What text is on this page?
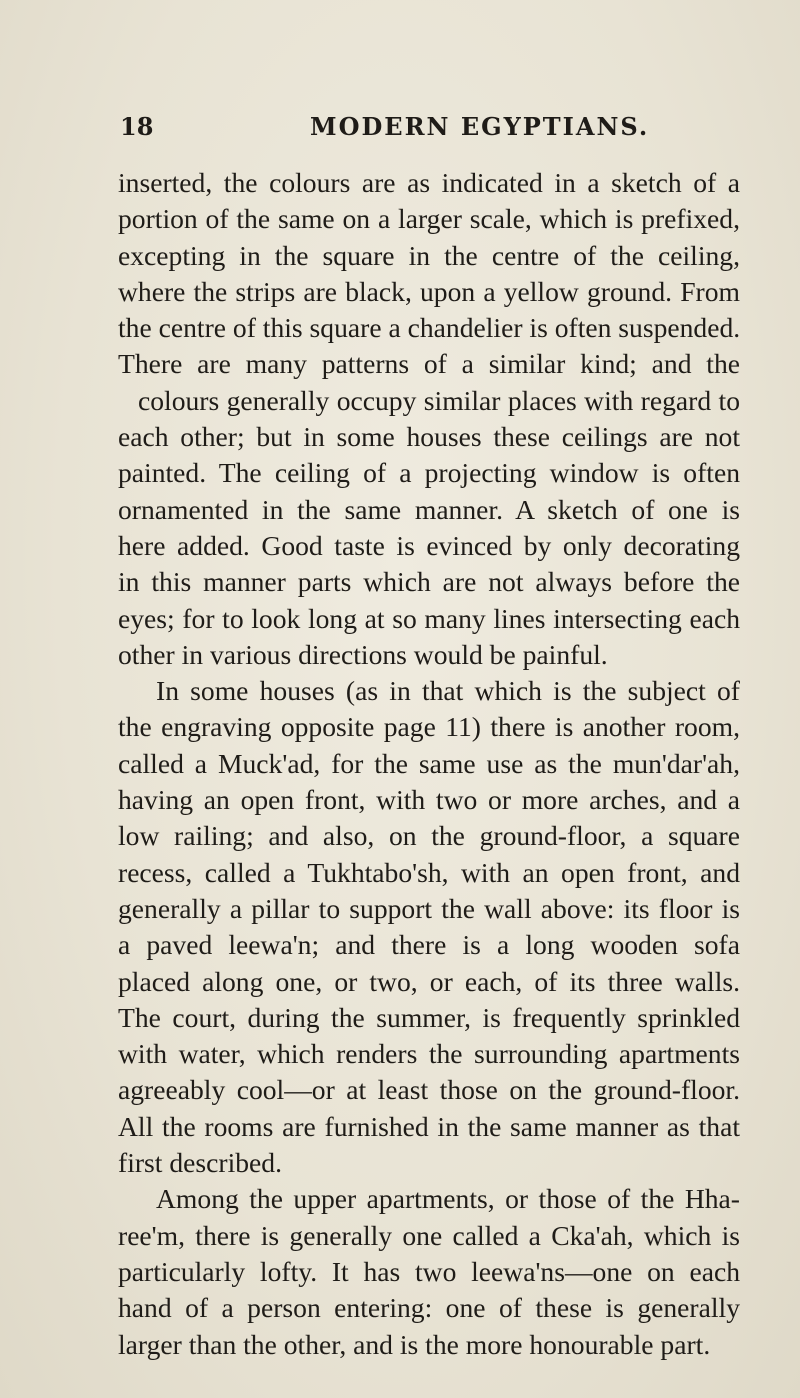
18	MODERN EGYPTIANS.
inserted, the colours are as indicated in a sketch of a
portion of the same on a larger scale, which is prefixed,
excepting in the square in the centre of the ceiling,
where the strips are black, upon a yellow ground. From
the centre of this square a chandelier is often suspended.
There are many patterns of a similar kind; and the
colours generally occupy similar places with regard to
each other; but in some houses these ceilings are not
painted. The ceiling of a projecting window is often
ornamented in the same manner. A sketch of one is
here added. Good taste is evinced by only decorating
in this manner parts which are not always before the
eyes; for to look long at so many lines intersecting each
other in various directions would be painful.
In some houses (as in that which is the subject of
the engraving opposite page 11) there is another room,
called a Muck'ad, for the same use as the mun'dar'ah,
having an open front, with two or more arches, and a
low railing; and also, on the ground-floor, a square
recess, called a Tukhtabo'sh, with an open front, and
generally a pillar to support the wall above: its floor is
a paved leewa'n; and there is a long wooden sofa
placed along one, or two, or each, of its three walls.
The court, during the summer, is frequently sprinkled
with water, which renders the surrounding apartments
agreeably cool—or at least those on the ground-floor.
All the rooms are furnished in the same manner as that
first described.
Among the upper apartments, or those of the Hha-
ree'm, there is generally one called a Cka'ah, which is
particularly lofty. It has two leewa'ns—one on each
hand of a person entering: one of these is generally
larger than the other, and is the more honourable part.
